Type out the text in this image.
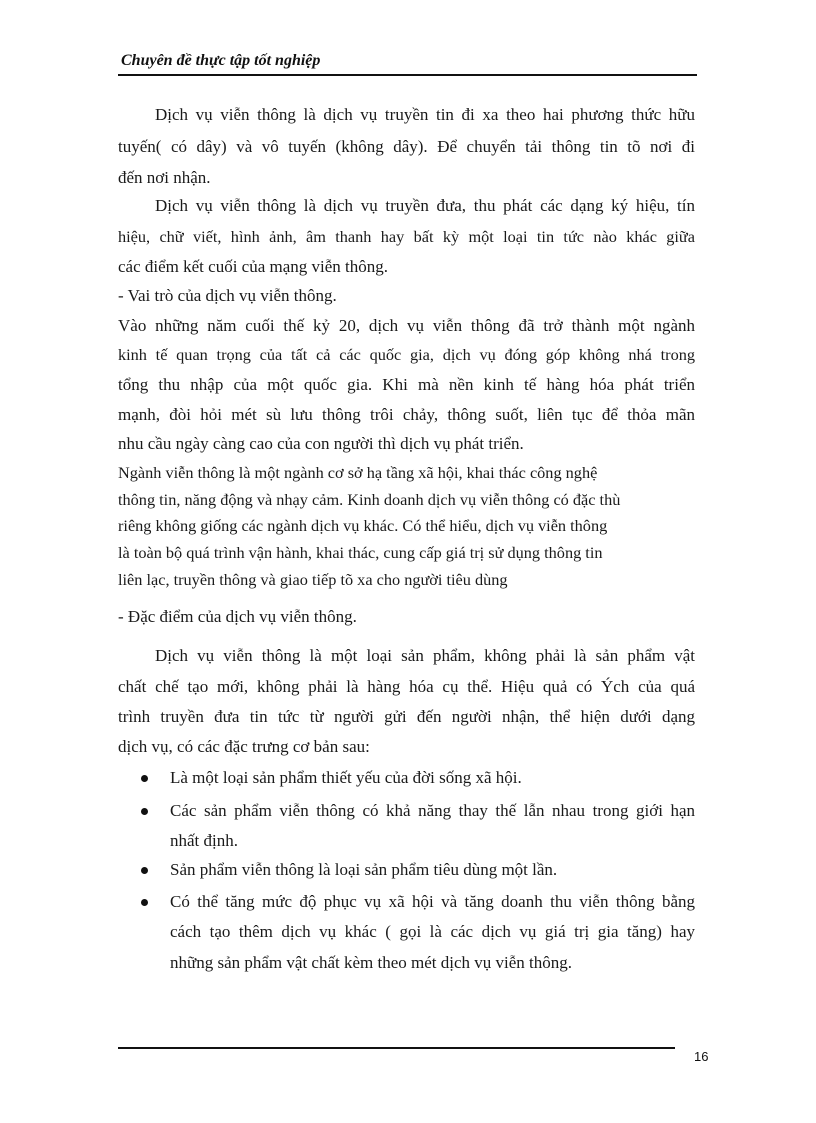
Chuyên đề thực tập tốt nghiệp
Dịch vụ viễn thông là dịch vụ truyền tin đi xa theo hai phương thức hữu
tuyến( có dây) và vô tuyến (không dây). Để chuyển tải thông tin tõ nơi đi
đến nơi nhận.
Dịch vụ viễn thông là dịch vụ truyền đưa, thu phát các dạng ký hiệu, tín
hiệu, chữ viết, hình ảnh, âm thanh hay bất kỳ một loại tin tức nào khác giữa
các điểm kết cuối của mạng viễn thông.
- Vai trò của dịch vụ viễn thông.
Vào những năm cuối thế kỷ 20, dịch vụ viễn thông đã trở thành một ngành
kinh tế quan trọng của tất cả các quốc gia, dịch vụ đóng góp không nhá trong
tổng thu nhập của một quốc gia. Khi mà nền kinh tế hàng hóa phát triển
mạnh, đòi hỏi mét sù lưu thông trôi chảy, thông suốt, liên tục để thỏa mãn
nhu cầu ngày càng cao của con người thì dịch vụ phát triển.
Ngành viễn thông là một ngành cơ sở hạ tầng xã hội, khai thác công nghệ
thông tin, năng động và nhạy cảm. Kinh doanh dịch vụ viễn thông có đặc thù
riêng không giống các ngành dịch vụ khác. Có thể hiểu, dịch vụ viễn thông
là toàn bộ quá trình vận hành, khai thác, cung cấp giá trị sử dụng thông tin
liên lạc, truyền thông và giao tiếp tõ xa cho người tiêu dùng
- Đặc điểm của dịch vụ viễn thông.
Dịch vụ viễn thông là một loại sản phẩm, không phải là sản phẩm vật
chất chế tạo mới, không phải là hàng hóa cụ thể. Hiệu quả có Ých của quá
trình truyền đưa tin tức từ người gửi đến người nhận, thể hiện dưới dạng
dịch vụ, có các đặc trưng cơ bản sau:
Là một loại sản phẩm thiết yếu của đời sống xã hội.
Các sản phẩm viễn thông có khả năng thay thế lẫn nhau trong giới hạn
nhất định.
Sản phẩm viễn thông là loại sản phẩm tiêu dùng một lần.
Có thể tăng mức độ phục vụ xã hội và tăng doanh thu viễn thông bằng
cách tạo thêm dịch vụ khác ( gọi là các dịch vụ giá trị gia tăng) hay
những sản phẩm vật chất kèm theo mét dịch vụ viễn thông.
16
